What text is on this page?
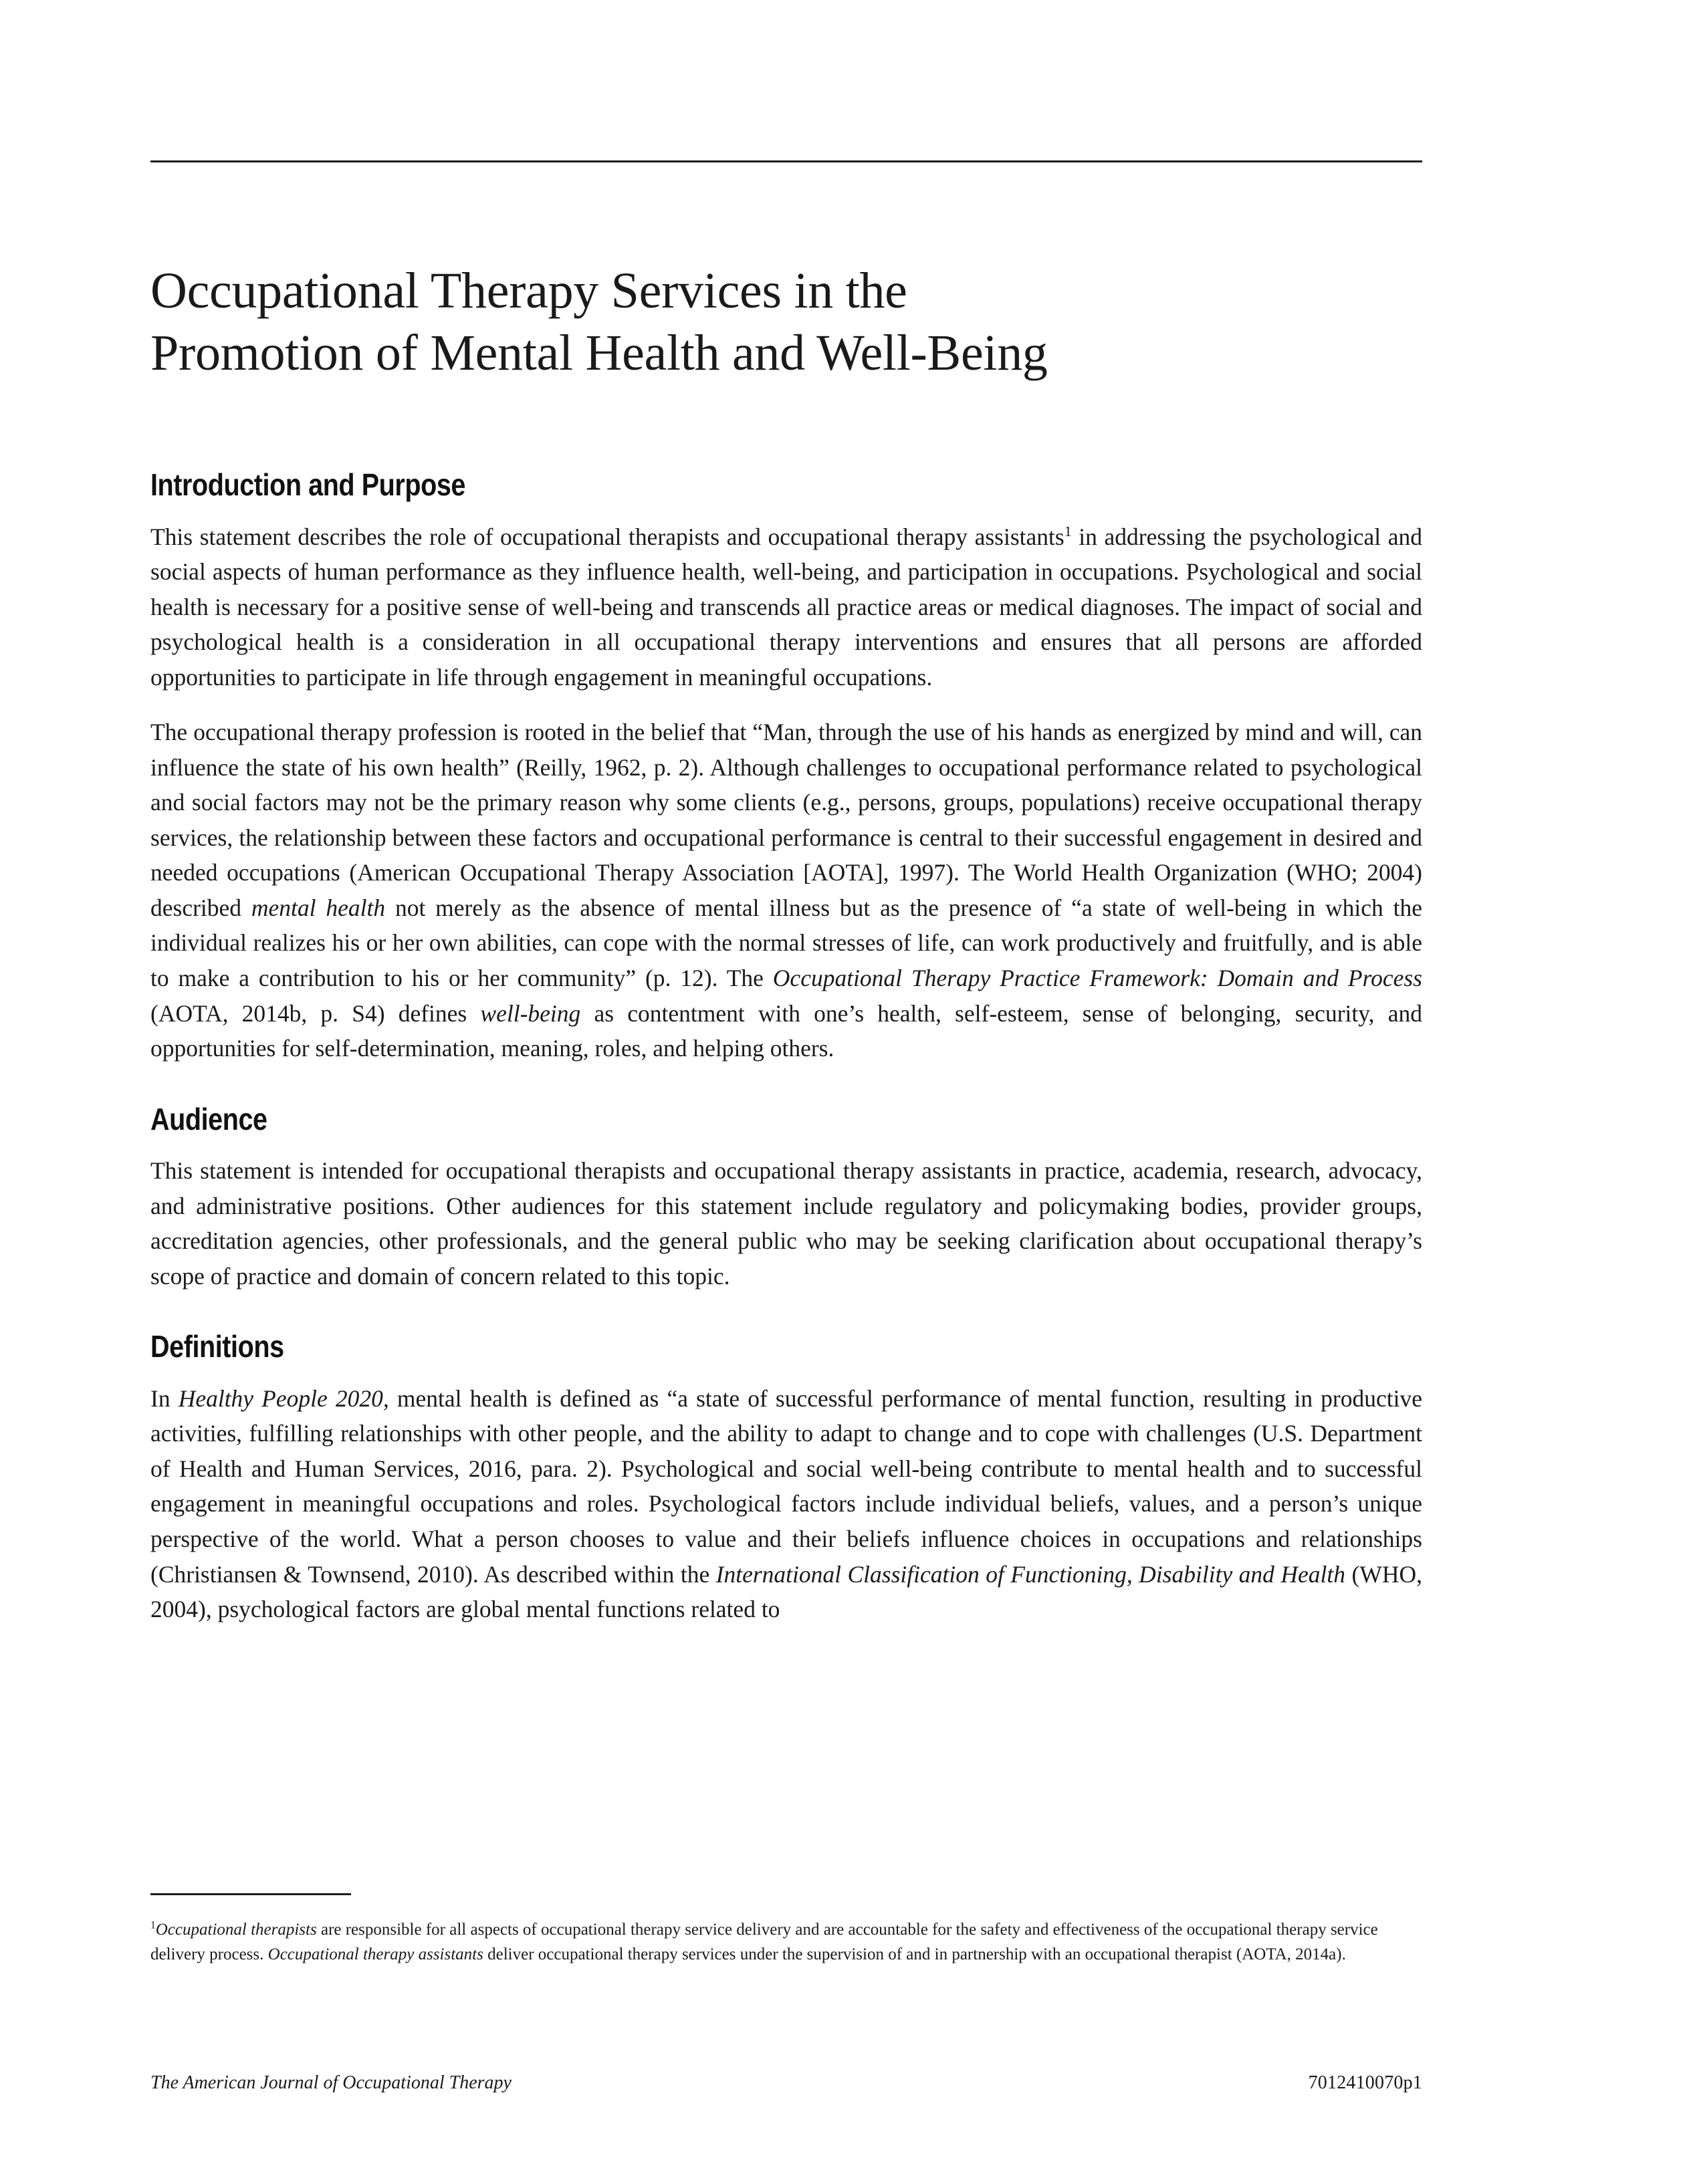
Occupational Therapy Services in the
Promotion of Mental Health and Well-Being
Introduction and Purpose

This statement describes the role of occupational therapists and occupational therapy assistants$^1$ in addressing the psychological and social aspects of human performance as they influence health, well-being, and participation in occupations. Psychological and social health is necessary for a positive sense of well-being and transcends all practice areas or medical diagnoses. The impact of social and psychological health is a consideration in all occupational therapy interventions and ensures that all persons are afforded opportunities to participate in life through engagement in meaningful occupations.

The occupational therapy profession is rooted in the belief that “Man, through the use of his hands as energized by mind and will, can influence the state of his own health” (Reilly, 1962, p. 2). Although challenges to occupational performance related to psychological and social factors may not be the primary reason why some clients (e.g., persons, groups, populations) receive occupational therapy services, the relationship between these factors and occupational performance is central to their successful engagement in desired and needed occupations (American Occupational Therapy Association [AOTA], 1997). The World Health Organization (WHO; 2004) described mental health not merely as the absence of mental illness but as the presence of “a state of well-being in which the individual realizes his or her own abilities, can cope with the normal stresses of life, can work productively and fruitfully, and is able to make a contribution to his or her community” (p. 12). The Occupational Therapy Practice Framework: Domain and Process (AOTA, 2014b, p. S4) defines well-being as contentment with one’s health, self-esteem, sense of belonging, security, and opportunities for self-determination, meaning, roles, and helping others.

Audience

This statement is intended for occupational therapists and occupational therapy assistants in practice, academia, research, advocacy, and administrative positions. Other audiences for this statement include regulatory and policymaking bodies, provider groups, accreditation agencies, other professionals, and the general public who may be seeking clarification about occupational therapy’s scope of practice and domain of concern related to this topic.

Definitions

In Healthy People 2020, mental health is defined as “a state of successful performance of mental function, resulting in productive activities, fulfilling relationships with other people, and the ability to adapt to change and to cope with challenges (U.S. Department of Health and Human Services, 2016, para. 2). Psychological and social well-being contribute to mental health and to successful engagement in meaningful occupations and roles. Psychological factors include individual beliefs, values, and a person’s unique perspective of the world. What a person chooses to value and their beliefs influence choices in occupations and relationships (Christiansen & Townsend, 2010). As described within the International Classification of Functioning, Disability and Health (WHO, 2004), psychological factors are global mental functions related to

$^1$Occupational therapists are responsible for all aspects of occupational therapy service delivery and are accountable for the safety and effectiveness of the occupational therapy service delivery process. Occupational therapy assistants deliver occupational therapy services under the supervision of and in partnership with an occupational therapist (AOTA, 2014a).

The American Journal of Occupational Therapy	7012410070p1
